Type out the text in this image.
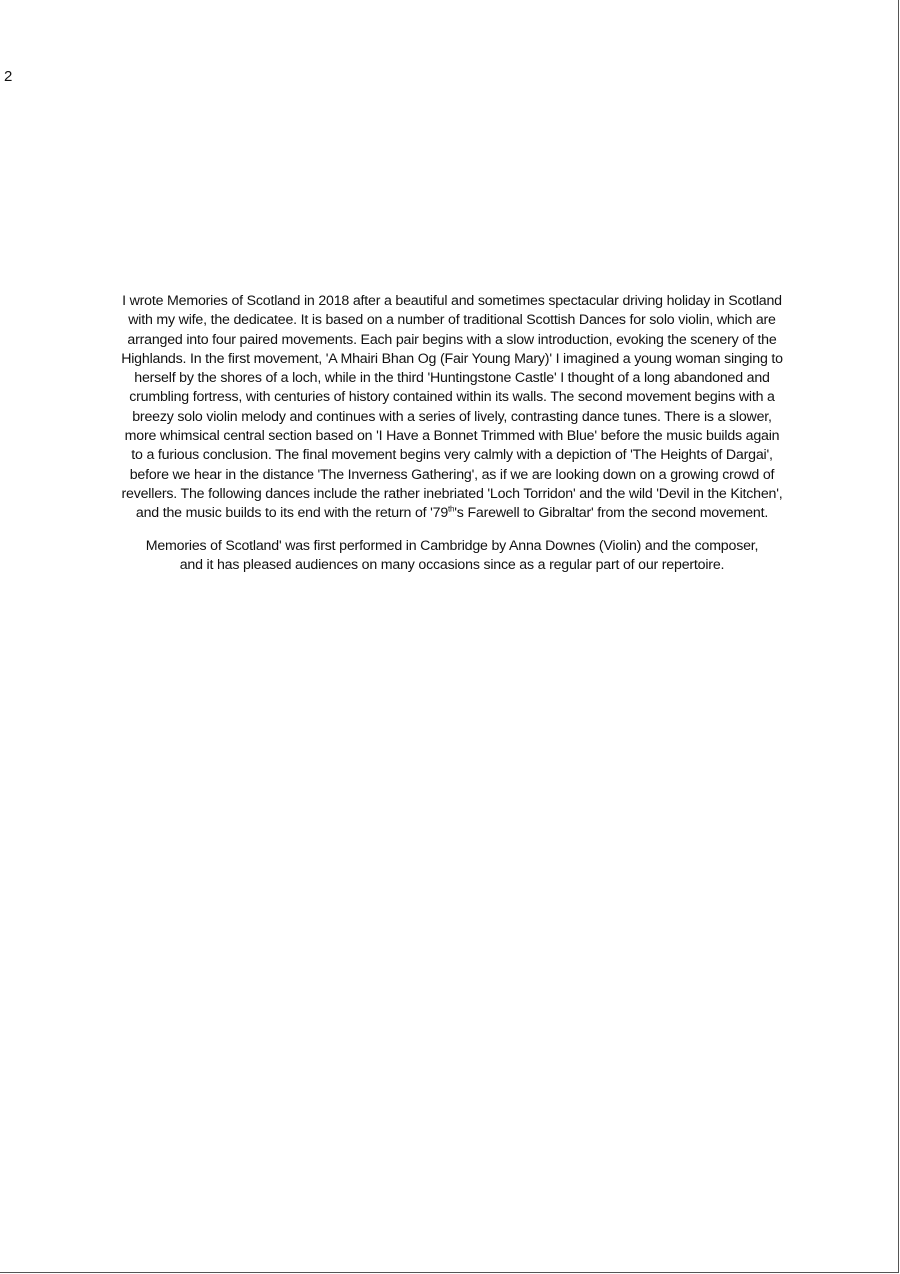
2

I wrote Memories of Scotland in 2018 after a beautiful and sometimes spectacular driving holiday in Scotland
with my wife, the dedicatee. It is based on a number of traditional Scottish Dances for solo violin, which are
arranged into four paired movements. Each pair begins with a slow introduction, evoking the scenery of the
Highlands. In the first movement, 'A Mhairi Bhan Og (Fair Young Mary)' I imagined a young woman singing to
herself by the shores of a loch, while in the third 'Huntingstone Castle' I thought of a long abandoned and
crumbling fortress, with centuries of history contained within its walls. The second movement begins with a
breezy solo violin melody and continues with a series of lively, contrasting dance tunes. There is a slower,
more whimsical central section based on 'I Have a Bonnet Trimmed with Blue' before the music builds again
to a furious conclusion. The final movement begins very calmly with a depiction of 'The Heights of Dargai',
before we hear in the distance 'The Inverness Gathering', as if we are looking down on a growing crowd of
revellers. The following dances include the rather inebriated 'Loch Torridon' and the wild 'Devil in the Kitchen',
and the music builds to its end with the return of '79th's Farewell to Gibraltar' from the second movement.

Memories of Scotland' was first performed in Cambridge by Anna Downes (Violin) and the composer,
and it has pleased audiences on many occasions since as a regular part of our repertoire.
